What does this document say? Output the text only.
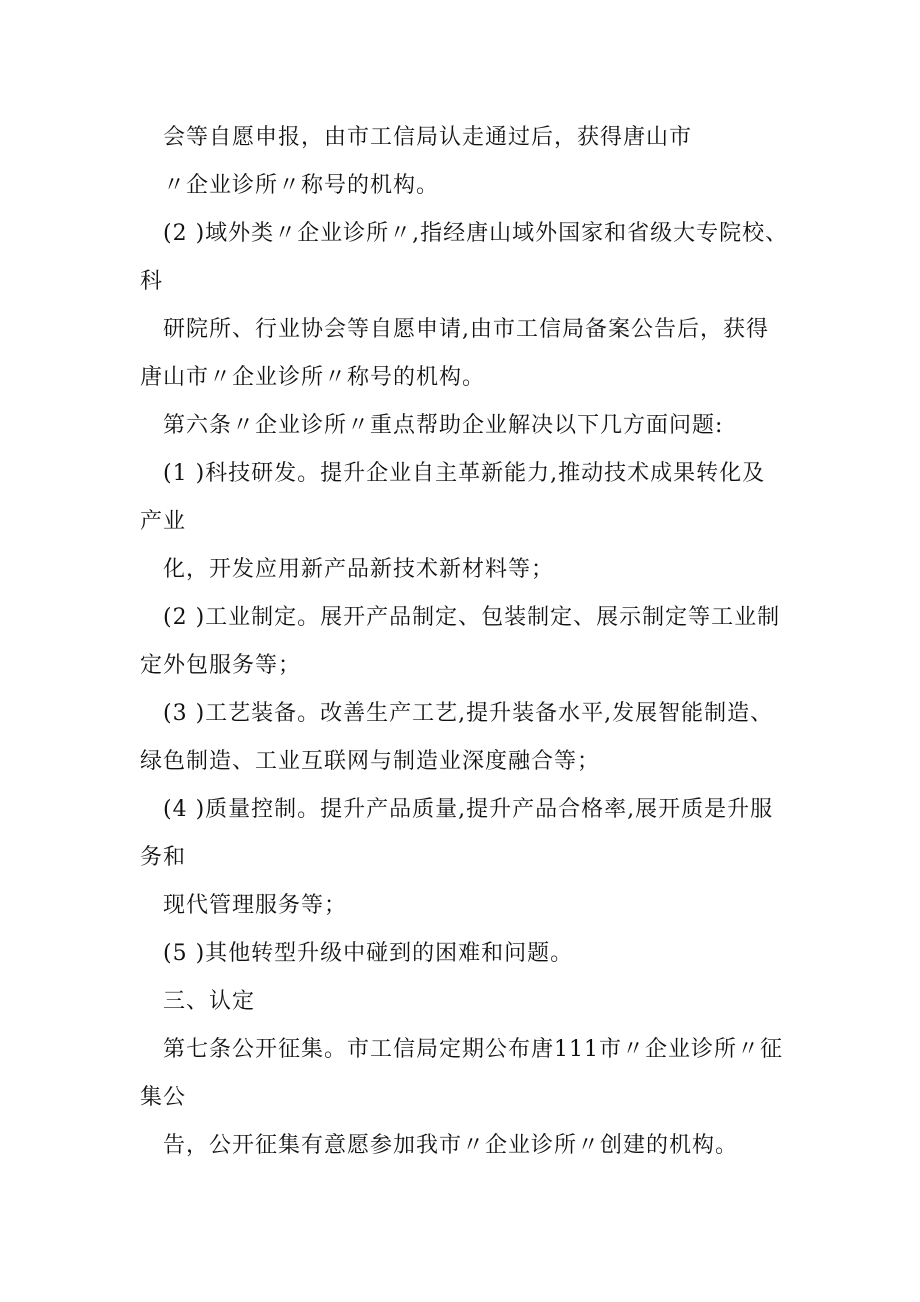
会等自愿申报，由市工信局认走通过后，获得唐山市
〃企业诊所〃称号的机构。
(2 )域外类〃企业诊所〃,指经唐山域外国家和省级大专院校、
科
研院所、行业协会等自愿申请,由市工信局备案公告后，获得
唐山市〃企业诊所〃称号的机构。
第六条〃企业诊所〃重点帮助企业解决以下几方面问题:
(1 )科技研发。提升企业自主革新能力,推动技术成果转化及
产业
化，开发应用新产品新技术新材料等；
(2 )工业制定。展开产品制定、包装制定、展示制定等工业制
定外包服务等；
(3 )工艺装备。改善生产工艺,提升装备水平,发展智能制造、
绿色制造、工业互联网与制造业深度融合等；
(4 )质量控制。提升产品质量,提升产品合格率,展开质是升服
务和
现代管理服务等；
(5 )其他转型升级中碰到的困难和问题。
三、认定
第七条公开征集。市工信局定期公布唐111市〃企业诊所〃征
集公
告，公开征集有意愿参加我市〃企业诊所〃创建的机构。
